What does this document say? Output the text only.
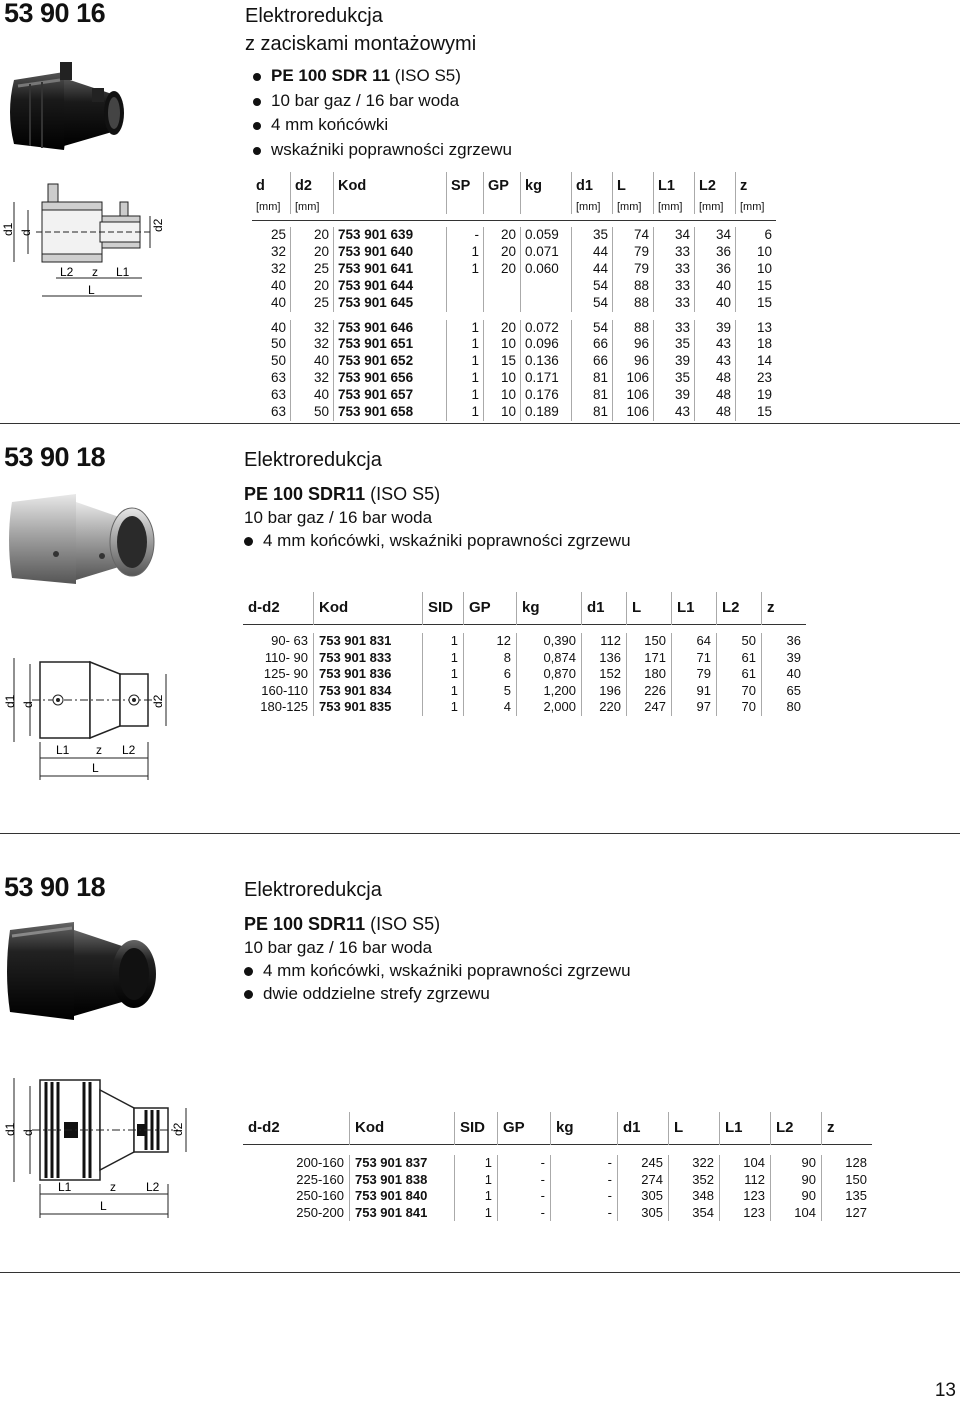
53 90 16	Elektroredukcja
z zaciskami montażowymi
PE 100 SDR 11 (ISO S5)
10 bar gaz / 16 bar woda
4 mm końcówki
wskaźniki poprawności zgrzewu
d1 d
d2
L2 z L1
L
d	d2	Kod	SP	GP	kg	d1	L	L1	L2	z
[mm]	[mm]					[mm]	[mm]	[mm]	[mm]	[mm]

25	20	753 901 639	-	20	0.059	35	74	34	34	6
32	20	753 901 640	1	20	0.071	44	79	33	36	10
32	25	753 901 641	1	20	0.060	44	79	33	36	10
40	20	753 901 644				54	88	33	40	15
40	25	753 901 645				54	88	33	40	15

40	32	753 901 646	1	20	0.072	54	88	33	39	13
50	32	753 901 651	1	10	0.096	66	96	35	43	18
50	40	753 901 652	1	15	0.136	66	96	39	43	14
63	32	753 901 656	1	10	0.171	81	106	35	48	23
63	40	753 901 657	1	10	0.176	81	106	39	48	19
63	50	753 901 658	1	10	0.189	81	106	43	48	15
53 90 18	Elektroredukcja
PE 100 SDR11 (ISO S5)
10 bar gaz / 16 bar woda
4 mm końcówki, wskaźniki poprawności zgrzewu
d1 d	d2
L1 z L2
L
d-d2	Kod	SID	GP	kg	d1	L	L1	L2	z

90- 63	753 901 831	1	12	0,390	112	150	64	50	36
110- 90	753 901 833	1	8	0,874	136	171	71	61	39
125- 90	753 901 836	1	6	0,870	152	180	79	61	40
160-110	753 901 834	1	5	1,200	196	226	91	70	65
180-125	753 901 835	1	4	2,000	220	247	97	70	80
53 90 18	Elektroredukcja
PE 100 SDR11 (ISO S5)
10 bar gaz / 16 bar woda
4 mm końcówki, wskaźniki poprawności zgrzewu
dwie oddzielne strefy zgrzewu
d1 d	d2
L1	z	L2
L
d-d2	Kod	SID	GP	kg	d1	L	L1	L2	z

200-160	753 901 837	1	-	-	245	322	104	90	128
225-160	753 901 838	1	-	-	274	352	112	90	150
250-160	753 901 840	1	-	-	305	348	123	90	135
250-200	753 901 841	1	-	-	305	354	123	104	127
13
